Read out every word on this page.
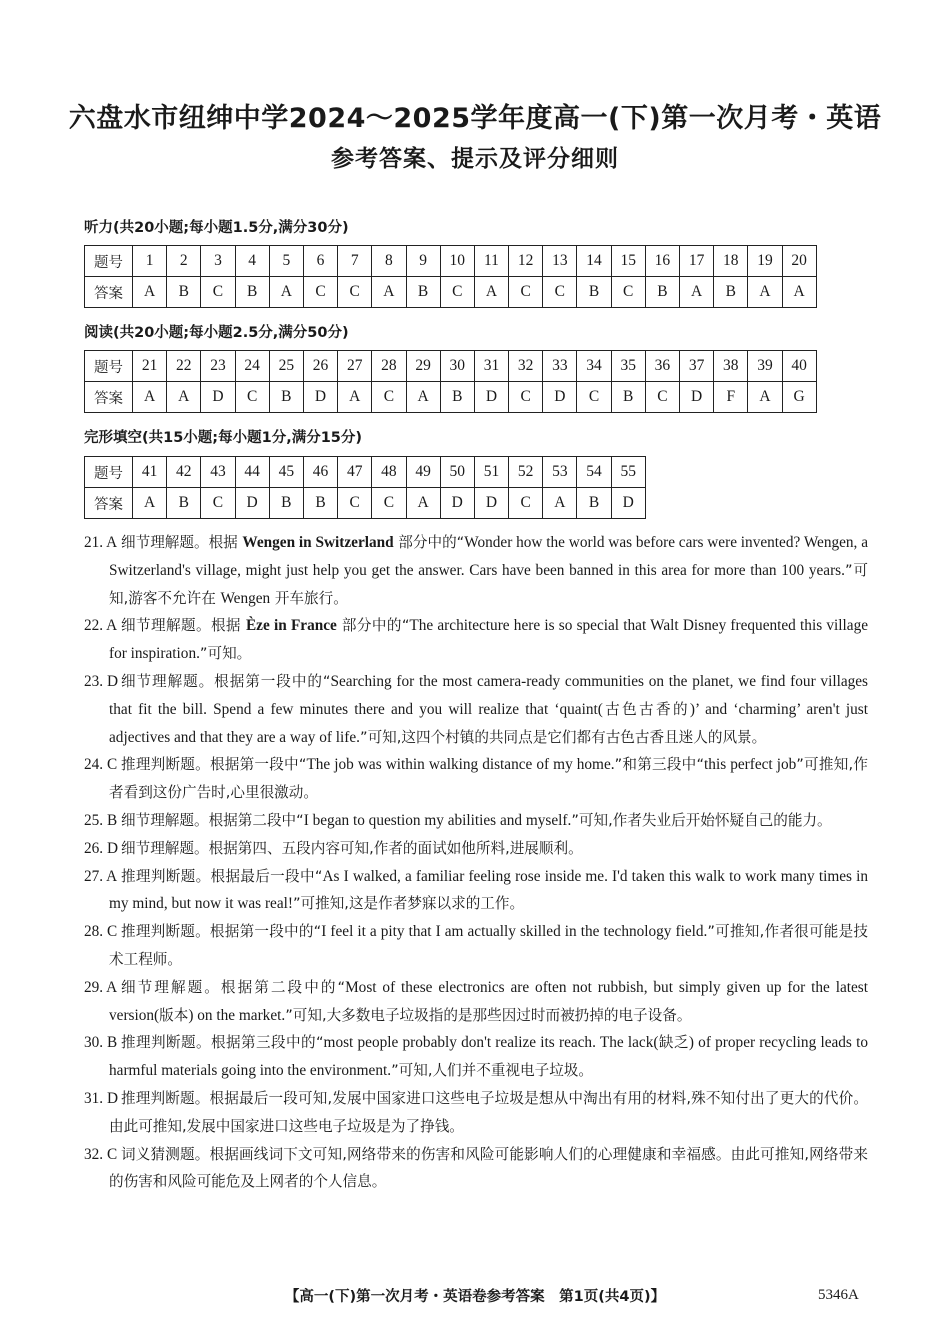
六盘水市纽绅中学2024～2025学年度高一(下)第一次月考・英语
参考答案、提示及评分细则
听力(共20小题;每小题1.5分,满分30分)
题号	1	2	3	4	5	6	7	8	9	10	11	12	13	14	15	16	17	18	19	20
答案	A	B	C	B	A	C	C	A	B	C	A	C	C	B	C	B	A	B	A	A
阅读(共20小题;每小题2.5分,满分50分)
题号	21	22	23	24	25	26	27	28	29	30	31	32	33	34	35	36	37	38	39	40
答案	A	A	D	C	B	D	A	C	A	B	D	C	D	C	B	C	D	F	A	G
完形填空(共15小题;每小题1分,满分15分)
题号	41	42	43	44	45	46	47	48	49	50	51	52	53	54	55
答案	A	B	C	D	B	B	C	C	A	D	D	C	A	B	D
21. A 细节理解题。根据 Wengen in Switzerland 部分中的“Wonder how the world was before cars were invented? Wengen, a Switzerland's village, might just help you get the answer. Cars have been banned in this area for more than 100 years.”可知,游客不允许在 Wengen 开车旅行。
22. A 细节理解题。根据 Èze in France 部分中的“The architecture here is so special that Walt Disney frequented this village for inspiration.”可知。
23. D 细节理解题。根据第一段中的“Searching for the most camera-ready communities on the planet, we find four villages that fit the bill. Spend a few minutes there and you will realize that ‘quaint(古色古香的)’ and ‘charming’ aren't just adjectives and that they are a way of life.”可知,这四个村镇的共同点是它们都有古色古香且迷人的风景。
24. C 推理判断题。根据第一段中“The job was within walking distance of my home.”和第三段中“this perfect job”可推知,作者看到这份广告时,心里很激动。
25. B 细节理解题。根据第二段中“I began to question my abilities and myself.”可知,作者失业后开始怀疑自己的能力。
26. D 细节理解题。根据第四、五段内容可知,作者的面试如他所料,进展顺利。
27. A 推理判断题。根据最后一段中“As I walked, a familiar feeling rose inside me. I'd taken this walk to work many times in my mind, but now it was real!”可推知,这是作者梦寐以求的工作。
28. C 推理判断题。根据第一段中的“I feel it a pity that I am actually skilled in the technology field.”可推知,作者很可能是技术工程师。
29. A 细节理解题。根据第二段中的“Most of these electronics are often not rubbish, but simply given up for the latest version(版本) on the market.”可知,大多数电子垃圾指的是那些因过时而被扔掉的电子设备。
30. B 推理判断题。根据第三段中的“most people probably don't realize its reach. The lack(缺乏) of proper recycling leads to harmful materials going into the environment.”可知,人们并不重视电子垃圾。
31. D 推理判断题。根据最后一段可知,发展中国家进口这些电子垃圾是想从中淘出有用的材料,殊不知付出了更大的代价。由此可推知,发展中国家进口这些电子垃圾是为了挣钱。
32. C 词义猜测题。根据画线词下文可知,网络带来的伤害和风险可能影响人们的心理健康和幸福感。由此可推知,网络带来的伤害和风险可能危及上网者的个人信息。
【高一(下)第一次月考・英语卷参考答案　第1页(共4页)】	5346A
